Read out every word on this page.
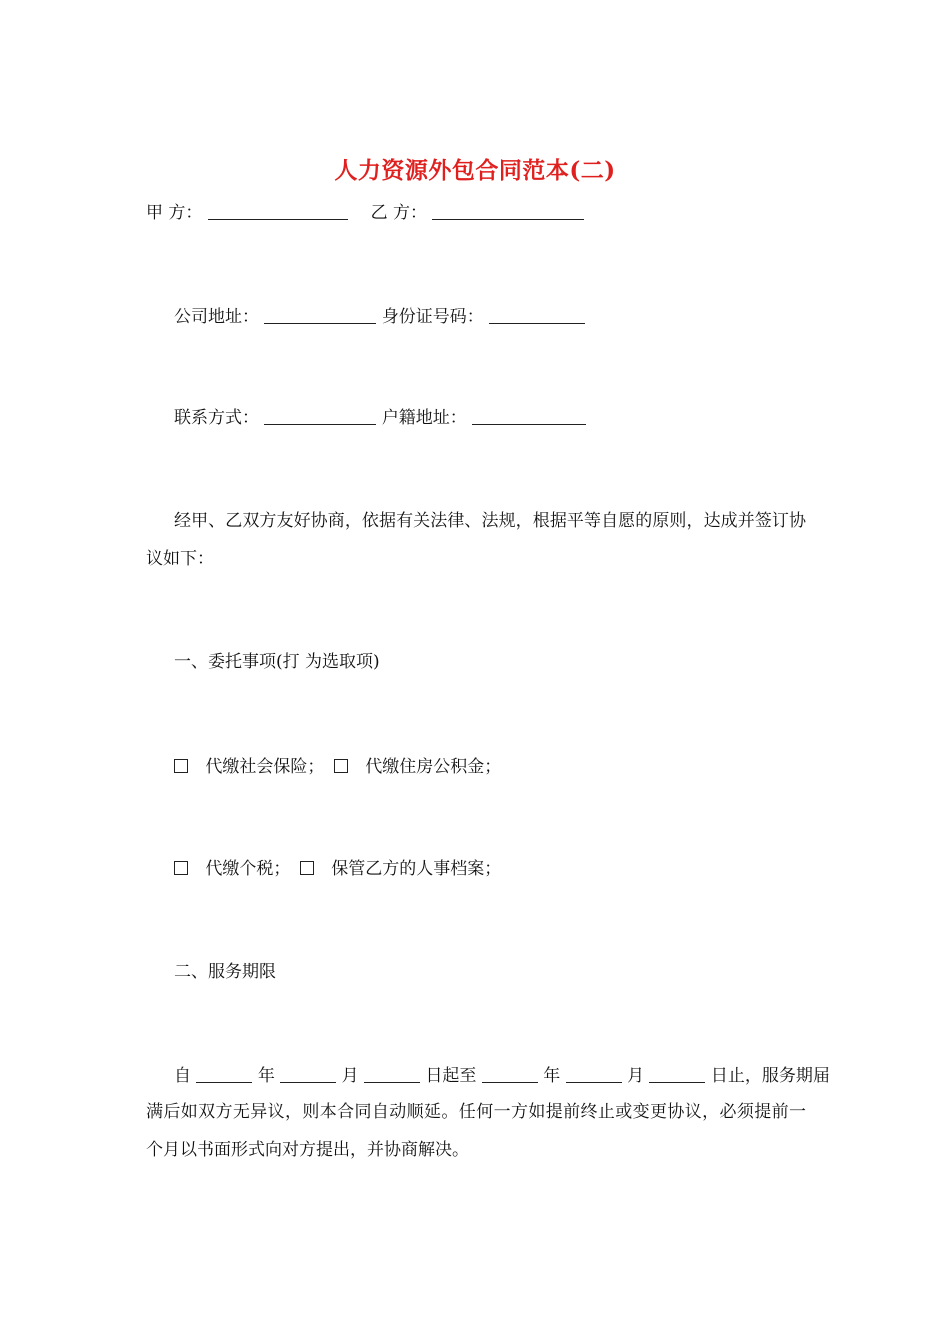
人力资源外包合同范本(二)
甲 方：	乙 方：
公司地址：	身份证号码：
联系方式：	户籍地址：
经甲、乙双方友好协商，依据有关法律、法规，根据平等自愿的原则，达成并签订协议如下：
一、委托事项(打 为选取项)
代缴社会保险； 代缴住房公积金；
代缴个税； 保管乙方的人事档案；
二、服务期限
自	年	月	日起至	年	月	日止，服务期届
满后如双方无异议，则本合同自动顺延。任何一方如提前终止或变更协议，必须提前一个月以书面形式向对方提出，并协商解决。
